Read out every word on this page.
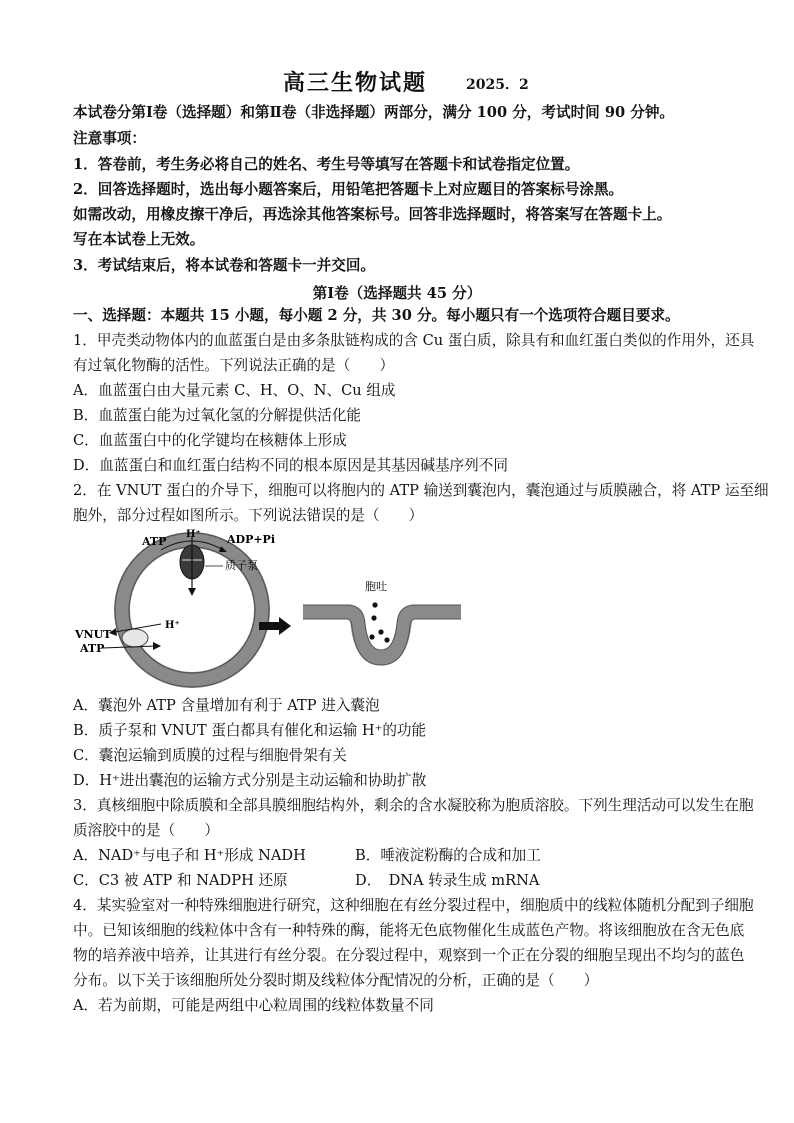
高三生物试题	2025．2
本试卷分第Ⅰ卷（选择题）和第Ⅱ卷（非选择题）两部分，满分 100 分，考试时间 90 分钟。
注意事项：
1．答卷前，考生务必将自己的姓名、考生号等填写在答题卡和试卷指定位置。
2．回答选择题时，选出每小题答案后，用铅笔把答题卡上对应题目的答案标号涂黑。
如需改动，用橡皮擦干净后，再选涂其他答案标号。回答非选择题时，将答案写在答题卡上。
写在本试卷上无效。
3．考试结束后，将本试卷和答题卡一并交回。
第Ⅰ卷（选择题共 45 分）
一、选择题：本题共 15 小题，每小题 2 分，共 30 分。每小题只有一个选项符合题目要求。
1．甲壳类动物体内的血蓝蛋白是由多条肽链构成的含 Cu 蛋白质，除具有和血红蛋白类似的作用外，还具
有过氧化物酶的活性。下列说法正确的是（　　）
A．血蓝蛋白由大量元素 C、H、O、N、Cu 组成
B．血蓝蛋白能为过氧化氢的分解提供活化能
C．血蓝蛋白中的化学键均在核糖体上形成
D．血蓝蛋白和血红蛋白结构不同的根本原因是其基因碱基序列不同
2．在 VNUT 蛋白的介导下，细胞可以将胞内的 ATP 输送到囊泡内，囊泡通过与质膜融合，将 ATP 运至细
胞外，部分过程如图所示。下列说法错误的是（　　）
ATP
H⁺ ADP+Pi
质子泵
H⁺
VNUT
ATP
胞吐
A．囊泡外 ATP 含量增加有利于 ATP 进入囊泡
B．质子泵和 VNUT 蛋白都具有催化和运输 H⁺的功能
C．囊泡运输到质膜的过程与细胞骨架有关
D．H⁺进出囊泡的运输方式分别是主动运输和协助扩散
3．真核细胞中除质膜和全部具膜细胞结构外，剩余的含水凝胶称为胞质溶胶。下列生理活动可以发生在胞
质溶胶中的是（　　）
A．NAD⁺与电子和 H⁺形成 NADH	B．唾液淀粉酶的合成和加工
C．C3 被 ATP 和 NADPH 还原	D．　DNA 转录生成 mRNA
4．某实验室对一种特殊细胞进行研究，这种细胞在有丝分裂过程中，细胞质中的线粒体随机分配到子细胞
中。已知该细胞的线粒体中含有一种特殊的酶，能将无色底物催化生成蓝色产物。将该细胞放在含无色底
物的培养液中培养，让其进行有丝分裂。在分裂过程中，观察到一个正在分裂的细胞呈现出不均匀的蓝色
分布。以下关于该细胞所处分裂时期及线粒体分配情况的分析，正确的是（　　）
A．若为前期，可能是两组中心粒周围的线粒体数量不同
